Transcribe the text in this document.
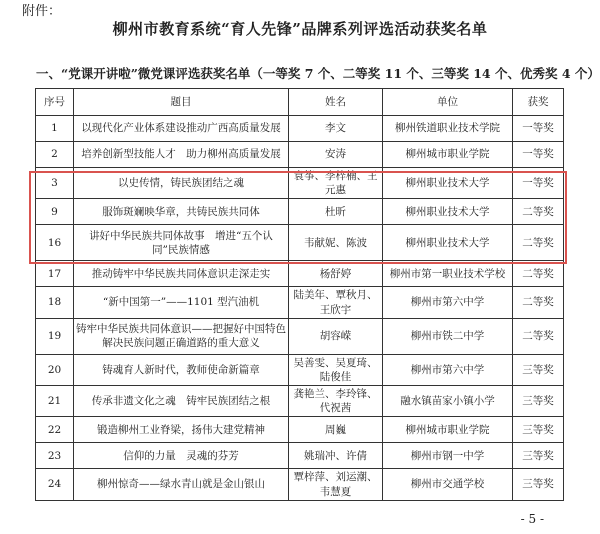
附件：
柳州市教育系统“育人先锋”品牌系列评选活动获奖名单
一、“党课开讲啦”微党课评选获奖名单（一等奖 7 个、二等奖 11 个、三等奖 14 个、优秀奖 4 个）
序号	题目	姓名	单位	获奖
1	以现代化产业体系建设推动广西高质量发展	李文	柳州铁道职业技术学院	一等奖
2	培养创新型技能人才　助力柳州高质量发展	安涛	柳州城市职业学院	一等奖
3	以史传情，铸民族团结之魂	袁筝、李梓楠、王元惠	柳州职业技术大学	一等奖
9	服饰斑斓映华章，共铸民族共同体	杜昕	柳州职业技术大学	二等奖
16	讲好中华民族共同体故事　增进“五个认同”民族情感	韦献妮、陈波	柳州职业技术大学	二等奖
17	推动铸牢中华民族共同体意识走深走实	杨舒婷	柳州市第一职业技术学校	二等奖
18	“新中国第一”——1101 型汽油机	陆美年、覃秋月、王欣宇	柳州市第六中学	二等奖
19	铸牢中华民族共同体意识——把握好中国特色解决民族问题正确道路的重大意义	胡容嵘	柳州市铁二中学	二等奖
20	铸魂育人新时代，教师使命新篇章	吴善雯、吴夏琦、陆俊佳	柳州市第六中学	三等奖
21	传承非遗文化之魂　铸牢民族团结之根	龚艳兰、李玲锋、代祝茜	融水镇苗家小镇小学	三等奖
22	锻造柳州工业脊梁，扬伟大建党精神	周巍	柳州城市职业学院	三等奖
23	信仰的力量　灵魂的芬芳	姚瑞冲、许倩	柳州市钢一中学	三等奖
24	柳州惊奇——绿水青山就是金山银山	覃梓萍、刘运潮、韦慧夏	柳州市交通学校	三等奖
- 5 -
